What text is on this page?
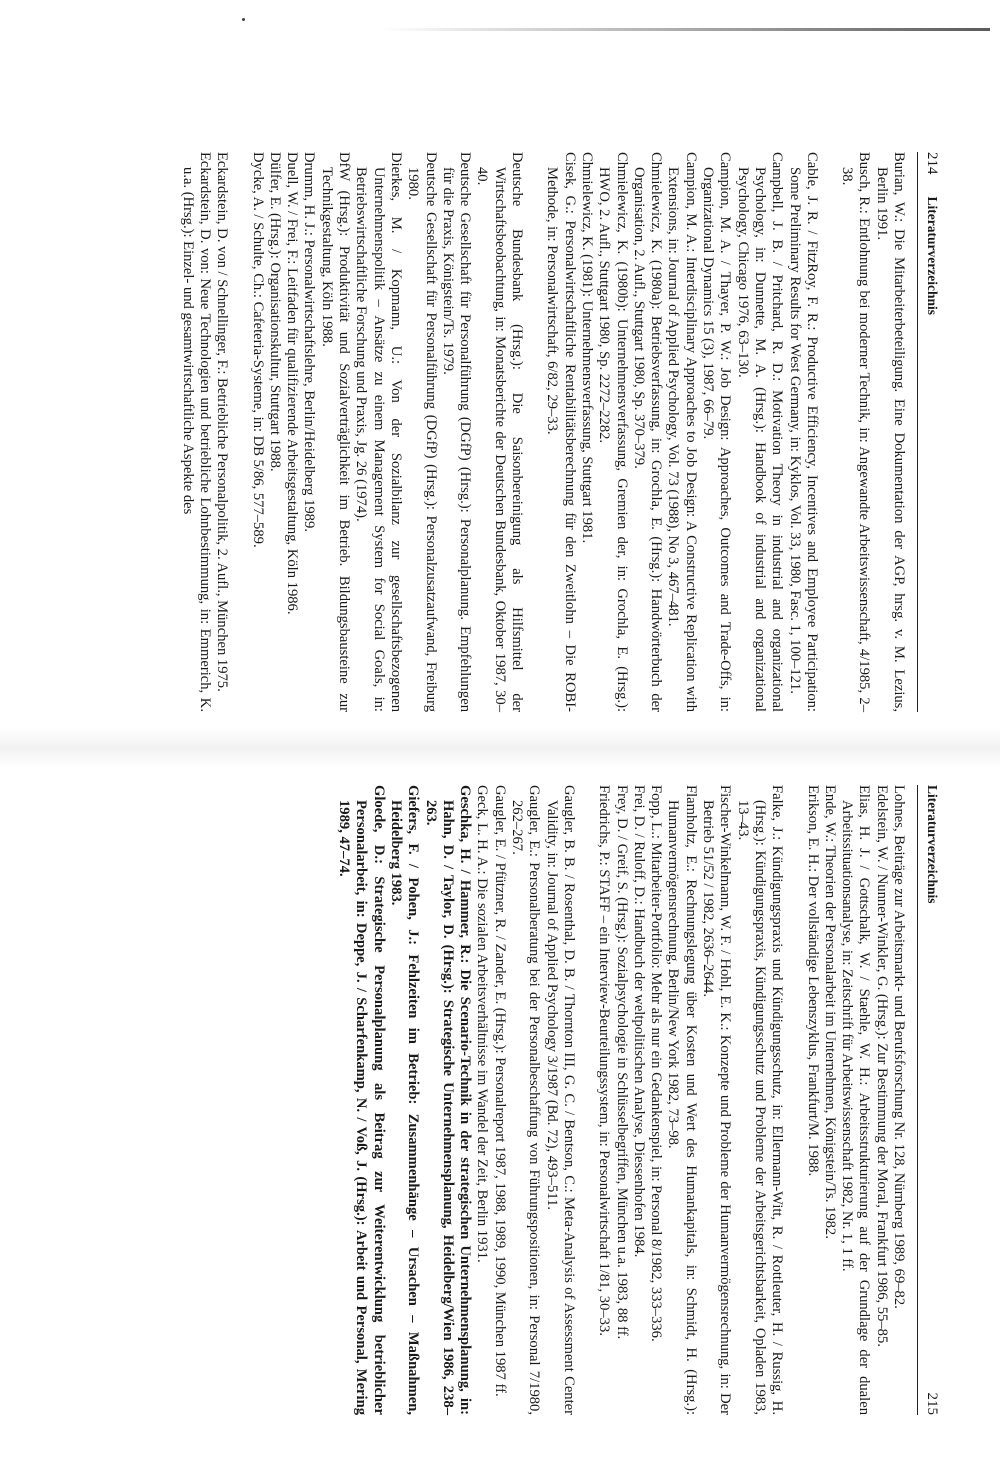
214
Literaturverzeichnis

Burian, W.: Die Mitarbeiterbeteiligung. Eine Dokumentation der AGP, hrsg. v. M. Lezius, Berlin 1991.

Busch, R.: Entlohnung bei moderner Technik, in: Angewandte Arbeitswissenschaft, 4/1985, 2–38.

Cable, J. R. / FitzRoy, F. R.: Productive Efficiency, Incentives and Employee Participation: Some Preliminary Results for West Germany, in: Kyklos, Vol. 33, 1980, Fasc. 1, 100–121.

Campbell, J. B. / Pritchard, R. D.: Motivation Theory in industrial and organizational Psychology, in: Dunnette, M. A. (Hrsg.): Handbook of industrial and organizational Psychology, Chicago 1976, 63–130.

Campion, M. A. / Thayer, P. W.: Job Design: Approaches, Outcomes and Trade-Offs, in: Organizational Dynamics 15 (3), 1987, 66–79.

Campion, M. A.: Interdisciplinary Approaches to Job Design: A Constructive Replication with Extensions, in: Journal of Applied Psychology, Vol. 73 (1988), No 3, 467–481.

Chmielewicz, K. (1980a): Betriebsverfassung, in: Grochla, E. (Hrsg.): Handwörterbuch der Organisation, 2. Aufl., Stuttgart 1980, Sp. 370–379.

Chmielewicz, K. (1980b): Unternehmensverfassung, Gremien der, in: Grochla, E. (Hrsg.): HWO, 2. Aufl., Stuttgart 1980, Sp. 2272–2282.

Chmielewicz, K. (1981): Unternehmensverfassung, Stuttgart 1981.

Cisek, G.: Personalwirtschaftliche Rentabilitätsberechnung für den Zweitlohn – Die ROBI-Methode, in: Personalwirtschaft, 6/82, 29–33.

Deutsche Bundesbank (Hrsg.): Die Saisonbereinigung als Hilfsmittel der Wirtschaftsbeobachtung, in: Monatsberichte der Deutschen Bundesbank, Oktober 1987, 30–40.

Deutsche Gesellschaft für Personalführung (DGfP) (Hrsg.): Personalplanung. Empfehlungen für die Praxis, Königstein/Ts. 1979.

Deutsche Gesellschaft für Personalführung (DGfP) (Hrsg.): Personalzusatzaufwand, Freiburg 1980.

Dierkes, M. / Kopmann, U.: Von der Sozialbilanz zur gesellschaftsbezogenen Unternehmenspolitik – Ansätze zu einem Management System for Social Goals, in: Betriebswirtschaftliche Forschung und Praxis, Jg. 26 (1974).

DfW (Hrsg.): Produktivität und Sozialverträglichkeit im Betrieb. Bildungsbausteine zur Technikgestaltung, Köln 1988.

Drumm, H. J.: Personalwirtschaftslehre, Berlin/Heidelberg 1989.

Duell, W. / Frei, F.: Leitfaden für qualifizierende Arbeitsgestaltung, Köln 1986.

Dülfer, E. (Hrsg.): Organisationskultur, Stuttgart 1988.

Dycke, A. / Schulte, Ch.: Cafeteria-Systeme, in: DB 5/86, 577–589.

Eckardstein, D. von / Schnellinger, F.: Betriebliche Personalpolitik, 2. Aufl., München 1975.

Eckardstein, D. von: Neue Technologien und betriebliche Lohnbestimmung, in: Emmerich, K. u.a. (Hrsg.): Einzel- und gesamtwirtschaftliche Aspekte des

Literaturverzeichnis
215

Lohnes, Beiträge zur Arbeitsmarkt- und Berufsforschung Nr. 128, Nürnberg 1989, 69–82.

Edelstein, W. / Nunner-Winkler, G. (Hrsg.): Zur Bestimmung der Moral, Frankfurt 1986, 55–85.

Elias, H. J. / Gottschalk, W. / Staehle, W. H.: Arbeitsstrukturierung auf der Grundlage der dualen Arbeitssituationsanalyse, in: Zeitschrift für Arbeitswissenschaft 1982, Nr. 1, 1 ff.

Ende, W.: Theorien der Personalarbeit im Unternehmen, Königstein/Ts. 1982.

Erikson, E. H.: Der vollständige Lebenszyklus, Frankfurt/M. 1988.

Falke, J.: Kündigungspraxis und Kündigungsschutz, in: Ellermann-Witt, R. / Rottleuter, H. / Russig, H. (Hrsg.): Kündigungspraxis, Kündigungsschutz und Probleme der Arbeitsgerichtsbarkeit, Opladen 1983, 13–43.

Fischer-Winkelmann, W. F. / Hohl, E. K.: Konzepte und Probleme der Humanvermögensrechnung, in: Der Betrieb 51/52 / 1982, 2636–2644.

Flamholtz, E.: Rechnungslegung über Kosten und Wert des Humankapitals, in: Schmidt, H. (Hrsg.): Humanvermögensrechnung, Berlin/New York 1982, 73–98.

Fopp, L.: Mitarbeiter-Portfolio: Mehr als nur ein Gedankenspiel, in: Personal 8/1982, 333–336.

Frei, D. / Ruloff, D.: Handbuch der weltpolitischen Analyse, Diessenhofen 1984.

Frey, D. / Greif, S. (Hrsg.): Sozialpsychologie in Schlüsselbegriffen, München u.a. 1983, 88 ff.

Friedrichs, P.: STAFF – ein Interview-Beurteilungssystem, in: Personalwirtschaft 1/81, 30–33.

Gaugler, B. B. / Rosenthal, D. B. / Thornton III, G. C. / Bentson, C.: Meta-Analysis of Assessment Center Validity, in: Journal of Applied Psychology 3/1987 (Bd. 72), 493–511.

Gaugler, E.: Personalberatung bei der Personalbeschaffung von Führungspositionen, in: Personal 7/1980, 262–267.

Gaugler, E. / Pfützner, R. / Zander, E. (Hrsg.): Personalreport 1987, 1988, 1989, 1990, München 1987 ff.

Geck, L. H. A.: Die sozialen Arbeitsverhältnisse im Wandel der Zeit, Berlin 1931.

Geschka, H. / Hammer, R.: Die Scenario-Technik in der strategischen Unternehmensplanung, in: Hahn, D. / Taylor, D. (Hrsg.): Strategische Unternehmensplanung, Heidelberg/Wien 1986, 238–263.

Giefers, F. / Pohen, J.: Fehlzeiten im Betrieb: Zusammenhänge – Ursachen – Maßnahmen, Heidelberg 1983.

Gloede, D.: Strategische Personalplanung als Beitrag zur Weiterentwicklung betrieblicher Personalarbeit, in: Deppe, J. / Scharfenkamp, N. / Voß, J. (Hrsg.): Arbeit und Personal, Mering 1989, 47–74.
